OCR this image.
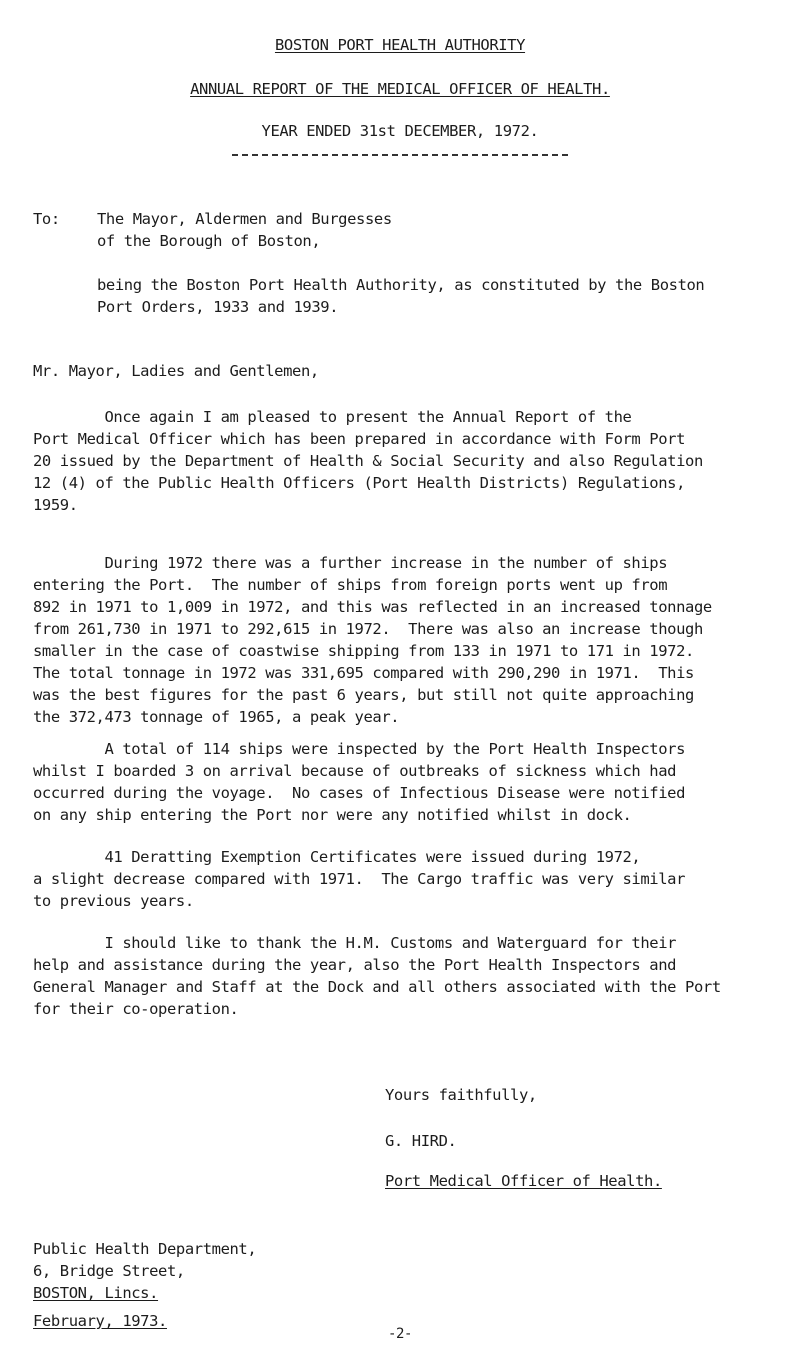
BOSTON PORT HEALTH AUTHORITY
ANNUAL REPORT OF THE MEDICAL OFFICER OF HEALTH.
YEAR ENDED 31st DECEMBER, 1972.
To: The Mayor, Aldermen and Burgesses
of the Borough of Boston,
being the Boston Port Health Authority, as constituted by the Boston
Port Orders, 1933 and 1939.
Mr. Mayor, Ladies and Gentlemen,
Once again I am pleased to present the Annual Report of the
Port Medical Officer which has been prepared in accordance with Form Port
20 issued by the Department of Health & Social Security and also Regulation
12 (4) of the Public Health Officers (Port Health Districts) Regulations,
1959.
During 1972 there was a further increase in the number of ships
entering the Port.  The number of ships from foreign ports went up from
892 in 1971 to 1,009 in 1972, and this was reflected in an increased tonnage
from 261,730 in 1971 to 292,615 in 1972.  There was also an increase though
smaller in the case of coastwise shipping from 133 in 1971 to 171 in 1972.
The total tonnage in 1972 was 331,695 compared with 290,290 in 1971.  This
was the best figures for the past 6 years, but still not quite approaching
the 372,473 tonnage of 1965, a peak year.
A total of 114 ships were inspected by the Port Health Inspectors
whilst I boarded 3 on arrival because of outbreaks of sickness which had
occurred during the voyage.  No cases of Infectious Disease were notified
on any ship entering the Port nor were any notified whilst in dock.
41 Deratting Exemption Certificates were issued during 1972,
a slight decrease compared with 1971.  The Cargo traffic was very similar
to previous years.
I should like to thank the H.M. Customs and Waterguard for their
help and assistance during the year, also the Port Health Inspectors and
General Manager and Staff at the Dock and all others associated with the Port
for their co-operation.
Yours faithfully,
G. HIRD.
Port Medical Officer of Health.
Public Health Department,
6, Bridge Street,
BOSTON, Lincs.
February, 1973.
-2-
